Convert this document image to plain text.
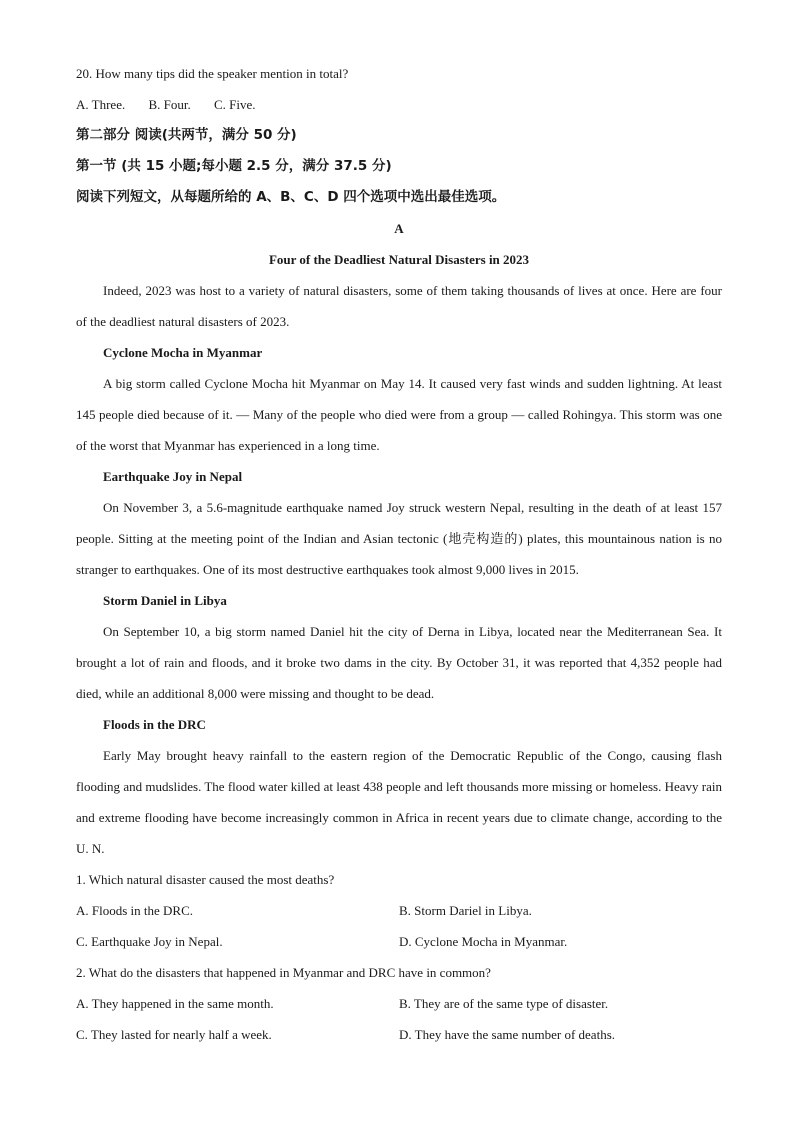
20. How many tips did the speaker mention in total?

A. Three. B. Four. C. Five.

第二部分 阅读(共两节，满分 50 分)

第一节 (共 15 小题;每小题 2.5 分，满分 37.5 分)

阅读下列短文，从每题所给的 A、B、C、D 四个选项中选出最佳选项。

A

Four of the Deadliest Natural Disasters in 2023

Indeed, 2023 was host to a variety of natural disasters, some of them taking thousands of lives at once. Here are four of the deadliest natural disasters of 2023.

Cyclone Mocha in Myanmar

A big storm called Cyclone Mocha hit Myanmar on May 14. It caused very fast winds and sudden lightning. At least 145 people died because of it. — Many of the people who died were from a group — called Rohingya. This storm was one of the worst that Myanmar has experienced in a long time.

Earthquake Joy in Nepal

On November 3, a 5.6-magnitude earthquake named Joy struck western Nepal, resulting in the death of at least 157 people. Sitting at the meeting point of the Indian and Asian tectonic (地壳构造的) plates, this mountainous nation is no stranger to earthquakes. One of its most destructive earthquakes took almost 9,000 lives in 2015.

Storm Daniel in Libya

On September 10, a big storm named Daniel hit the city of Derna in Libya, located near the Mediterranean Sea. It brought a lot of rain and floods, and it broke two dams in the city. By October 31, it was reported that 4,352 people had died, while an additional 8,000 were missing and thought to be dead.

Floods in the DRC

Early May brought heavy rainfall to the eastern region of the Democratic Republic of the Congo, causing flash flooding and mudslides. The flood water killed at least 438 people and left thousands more missing or homeless. Heavy rain and extreme flooding have become increasingly common in Africa in recent years due to climate change, according to the U. N.

1. Which natural disaster caused the most deaths?

A. Floods in the DRC.	B. Storm Dariel in Libya.

C. Earthquake Joy in Nepal.	D. Cyclone Mocha in Myanmar.

2. What do the disasters that happened in Myanmar and DRC have in common?

A. They happened in the same month.	B. They are of the same type of disaster.

C. They lasted for nearly half a week.	D. They have the same number of deaths.
